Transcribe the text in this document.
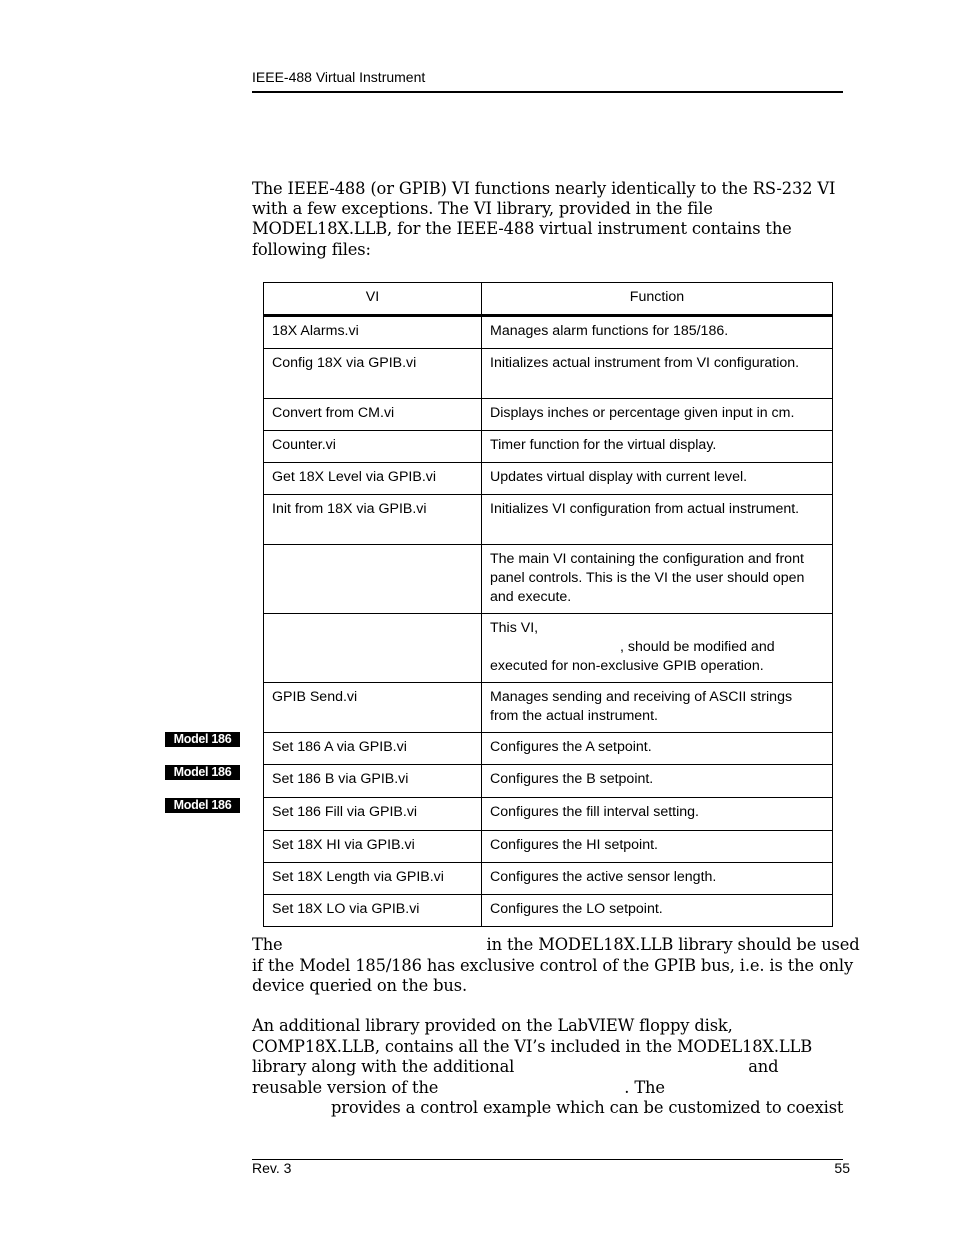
IEEE-488 Virtual Instrument
The IEEE-488 (or GPIB) VI functions nearly identically to the RS-232 VI with a few exceptions. The VI library, provided in the file MODEL18X.LLB, for the IEEE-488 virtual instrument contains the following files:
VI	Function
18X Alarms.vi	Manages alarm functions for 185/186.
Config 18X via GPIB.vi	Initializes actual instrument from VI configuration.
Convert from CM.vi	Displays inches or percentage given input in cm.
Counter.vi	Timer function for the virtual display.
Get 18X Level via GPIB.vi	Updates virtual display with current level.
Init from 18X via GPIB.vi	Initializes VI configuration from actual instrument.
	The main VI containing the configuration and front panel controls. This is the VI the user should open and execute.

	This VI,
, should be modified and
executed for non-exclusive GPIB operation.

GPIB Send.vi	Manages sending and receiving of ASCII strings from the actual instrument.
Set 186 A via GPIB.vi	Configures the A setpoint.
Set 186 B via GPIB.vi	Configures the B setpoint.
Set 186 Fill via GPIB.vi	Configures the fill interval setting.
Set 18X HI via GPIB.vi	Configures the HI setpoint.
Set 18X Length via GPIB.vi	Configures the active sensor length.
Set 18X LO via GPIB.vi	Configures the LO setpoint.
Model 186
Model 186
Model 186
The	in the MODEL18X.LLB library should be used
if the Model 185/186 has exclusive control of the GPIB bus, i.e. is the only
device queried on the bus.
An additional library provided on the LabVIEW floppy disk,
COMP18X.LLB, contains all the VI’s included in the MODEL18X.LLB
library along with the additional	and
reusable version of the	. The
provides a control example which can be customized to coexist
Rev. 3	55
